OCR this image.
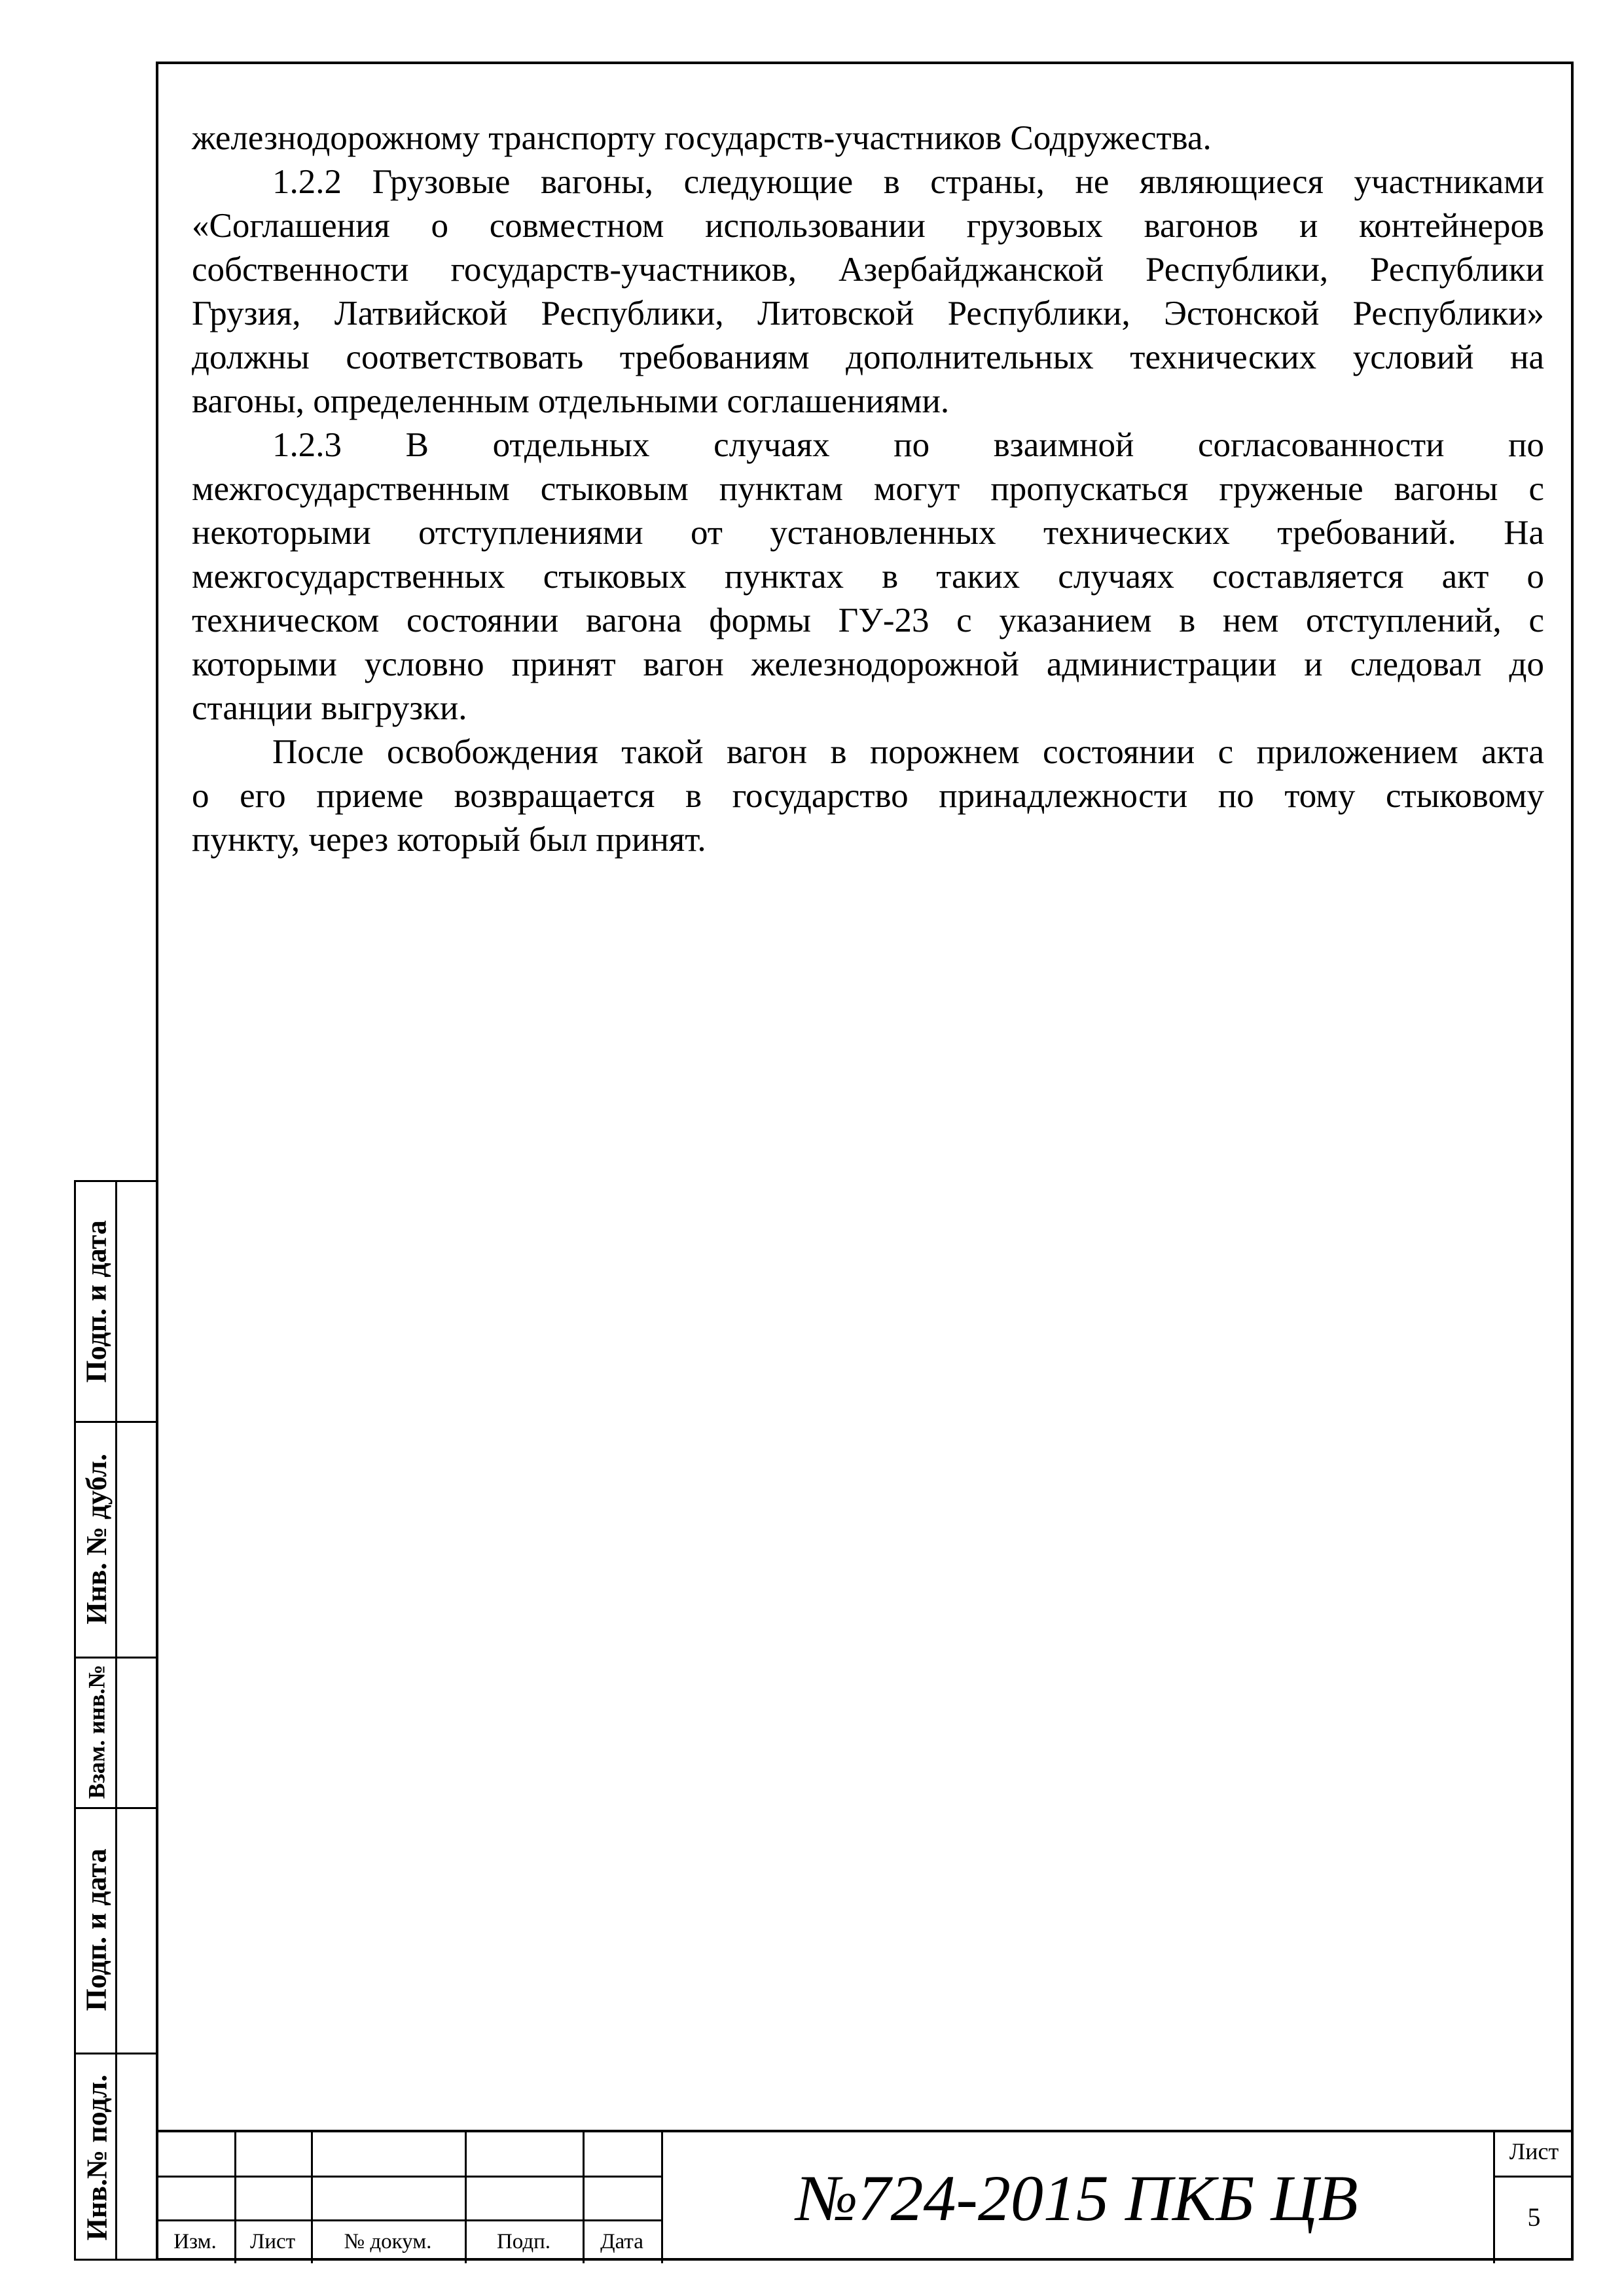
железнодорожному транспорту государств-участников Содружества.
1.2.2 Грузовые вагоны, следующие в страны, не являющиеся участниками
«Соглашения о совместном использовании грузовых вагонов и контейнеров
собственности государств-участников, Азербайджанской Республики, Республики
Грузия, Латвийской Республики, Литовской Республики, Эстонской Республики»
должны соответствовать требованиям дополнительных технических условий на
вагоны, определенным отдельными соглашениями.
1.2.3 В отдельных случаях по взаимной согласованности по
межгосударственным стыковым пунктам могут пропускаться груженые вагоны с
некоторыми отступлениями от установленных технических требований. На
межгосударственных стыковых пунктах в таких случаях составляется акт о
техническом состоянии вагона формы ГУ-23 с указанием в нем отступлений, с
которыми условно принят вагон железнодорожной администрации и следовал до
станции выгрузки.
После освобождения такой вагон в порожнем состоянии с приложением акта
о его приеме возвращается в государство принадлежности по тому стыковому
пункту, через который был принят.
Подп. и дата
Инв. № дубл.
Взам. инв.№
Подп. и дата
Инв.№ подл.
Изм.	Лист	№ докум.	Подп.	Дата
№724-2015 ПКБ ЦВ
Лист
5
